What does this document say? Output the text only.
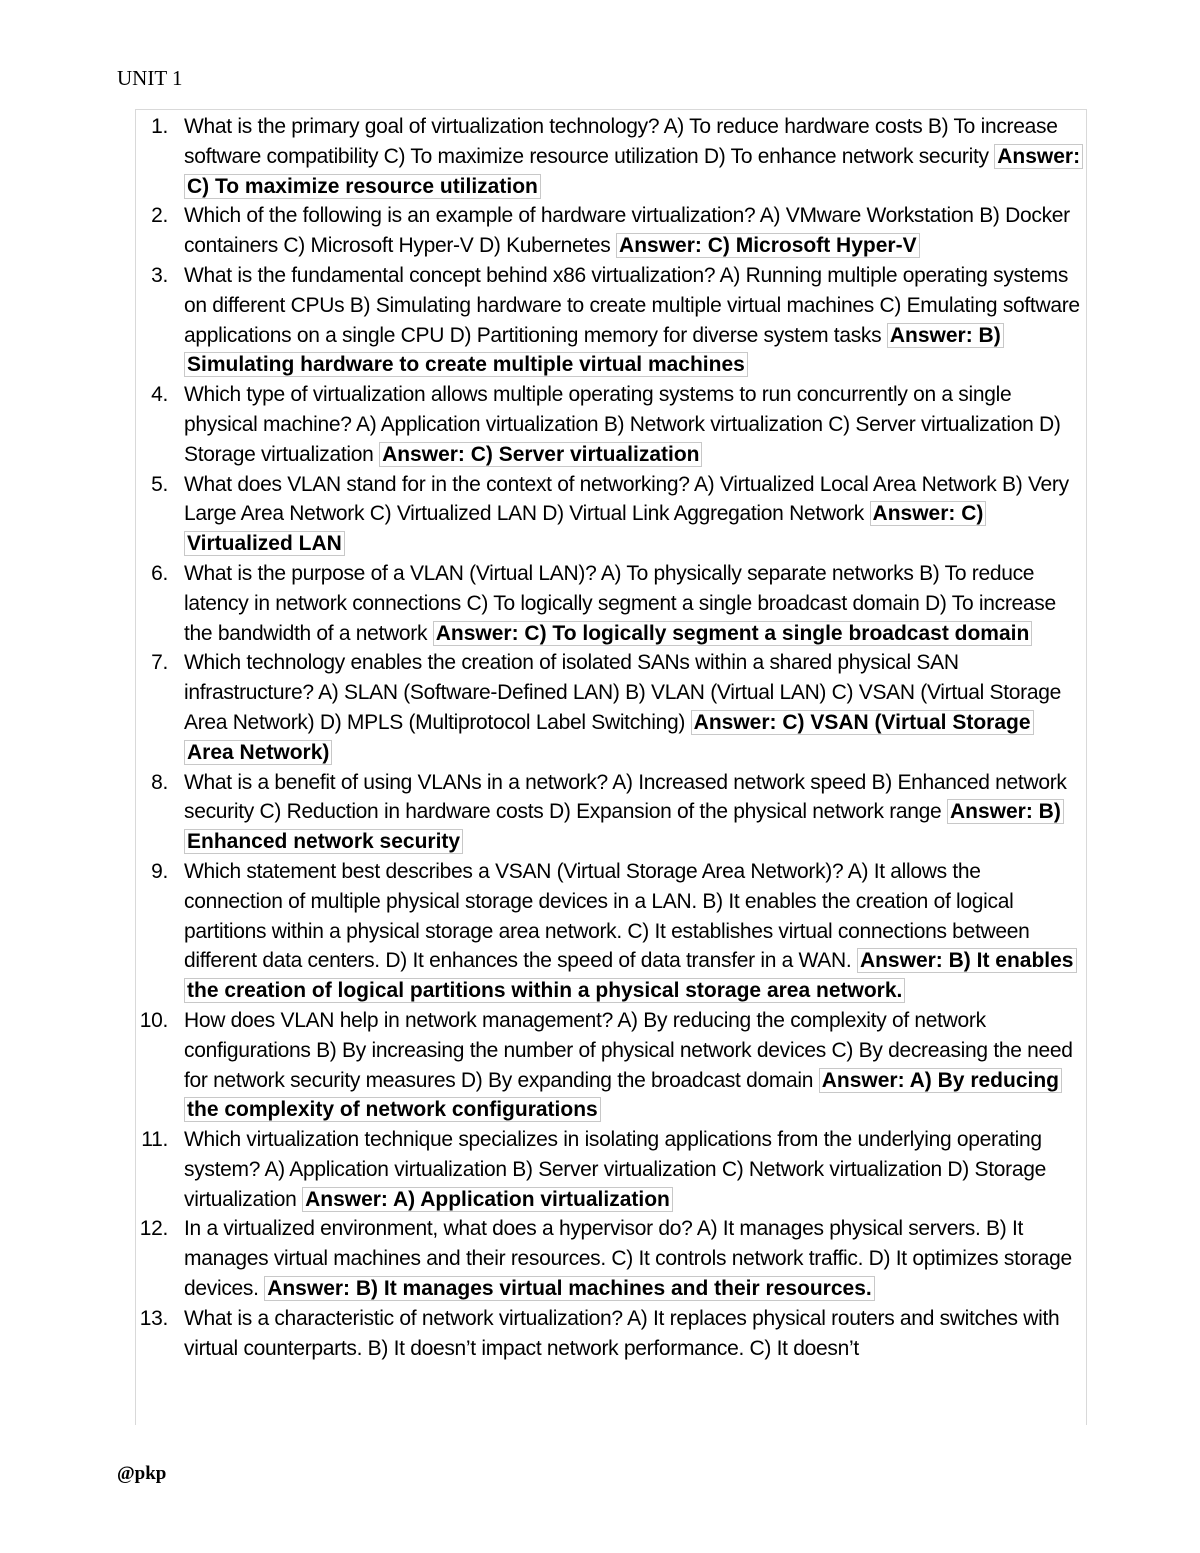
UNIT 1
1. What is the primary goal of virtualization technology? A) To reduce hardware costs B) To increase software compatibility C) To maximize resource utilization D) To enhance network security Answer: C) To maximize resource utilization
2. Which of the following is an example of hardware virtualization? A) VMware Workstation B) Docker containers C) Microsoft Hyper-V D) Kubernetes Answer: C) Microsoft Hyper-V
3. What is the fundamental concept behind x86 virtualization? A) Running multiple operating systems on different CPUs B) Simulating hardware to create multiple virtual machines C) Emulating software applications on a single CPU D) Partitioning memory for diverse system tasks Answer: B) Simulating hardware to create multiple virtual machines
4. Which type of virtualization allows multiple operating systems to run concurrently on a single physical machine? A) Application virtualization B) Network virtualization C) Server virtualization D) Storage virtualization Answer: C) Server virtualization
5. What does VLAN stand for in the context of networking? A) Virtualized Local Area Network B) Very Large Area Network C) Virtualized LAN D) Virtual Link Aggregation Network Answer: C) Virtualized LAN
6. What is the purpose of a VLAN (Virtual LAN)? A) To physically separate networks B) To reduce latency in network connections C) To logically segment a single broadcast domain D) To increase the bandwidth of a network Answer: C) To logically segment a single broadcast domain
7. Which technology enables the creation of isolated SANs within a shared physical SAN infrastructure? A) SLAN (Software-Defined LAN) B) VLAN (Virtual LAN) C) VSAN (Virtual Storage Area Network) D) MPLS (Multiprotocol Label Switching) Answer: C) VSAN (Virtual Storage Area Network)
8. What is a benefit of using VLANs in a network? A) Increased network speed B) Enhanced network security C) Reduction in hardware costs D) Expansion of the physical network range Answer: B) Enhanced network security
9. Which statement best describes a VSAN (Virtual Storage Area Network)? A) It allows the connection of multiple physical storage devices in a LAN. B) It enables the creation of logical partitions within a physical storage area network. C) It establishes virtual connections between different data centers. D) It enhances the speed of data transfer in a WAN. Answer: B) It enables the creation of logical partitions within a physical storage area network.
10. How does VLAN help in network management? A) By reducing the complexity of network configurations B) By increasing the number of physical network devices C) By decreasing the need for network security measures D) By expanding the broadcast domain Answer: A) By reducing the complexity of network configurations
11. Which virtualization technique specializes in isolating applications from the underlying operating system? A) Application virtualization B) Server virtualization C) Network virtualization D) Storage virtualization Answer: A) Application virtualization
12. In a virtualized environment, what does a hypervisor do? A) It manages physical servers. B) It manages virtual machines and their resources. C) It controls network traffic. D) It optimizes storage devices. Answer: B) It manages virtual machines and their resources.
13. What is a characteristic of network virtualization? A) It replaces physical routers and switches with virtual counterparts. B) It doesn’t impact network performance. C) It doesn’t
@pkp
